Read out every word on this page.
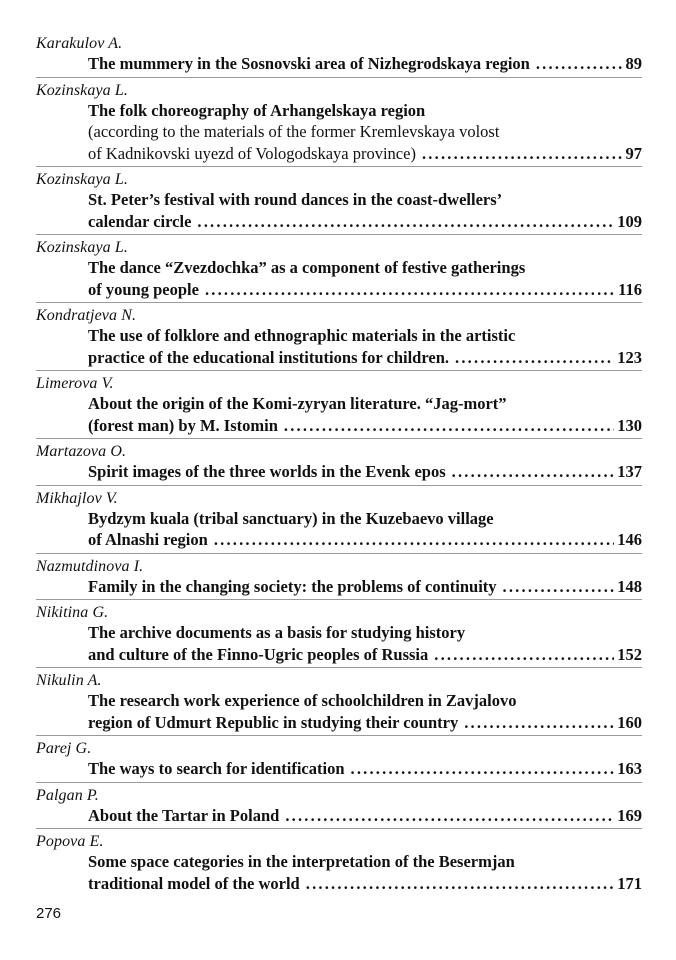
Karakulov A.
The mummery in the Sosnovski area of Nizhegrodskaya region .....	89
Kozinskaya L.
The folk choreography of Arhangelskaya region
(according to the materials of the former Kremlevskaya volost
of Kadnikovski uyezd of Vologodskaya province) .....	97
Kozinskaya L.
St. Peter’s festival with round dances in the coast-dwellers’
calendar circle .....	109
Kozinskaya L.
The dance “Zvezdochka” as a component of festive gatherings
of young people .....	116
Kondratjeva N.
The use of folklore and ethnographic materials in the artistic
practice of the educational institutions for children. .....	123
Limerova V.
About the origin of the Komi-zyryan literature. “Jag-mort”
(forest man) by M. Istomin .....	130
Martazova O.
Spirit images of the three worlds in the Evenk epos .....	137
Mikhajlov V.
Bydzym kuala (tribal sanctuary) in the Kuzebaevo village
of Alnashi region .....	146
Nazmutdinova I.
Family in the changing society: the problems of continuity .....	148
Nikitina G.
The archive documents as a basis for studying history
and culture of the Finno-Ugric peoples of Russia .....	152
Nikulin A.
The research work experience of schoolchildren in Zavjalovo
region of Udmurt Republic in studying their country .....	160
Parej G.
The ways to search for identification .....	163
Palgan P.
About the Tartar in Poland .....	169
Popova E.
Some space categories in the interpretation of the Besermjan
traditional model of the world .....	171
276
